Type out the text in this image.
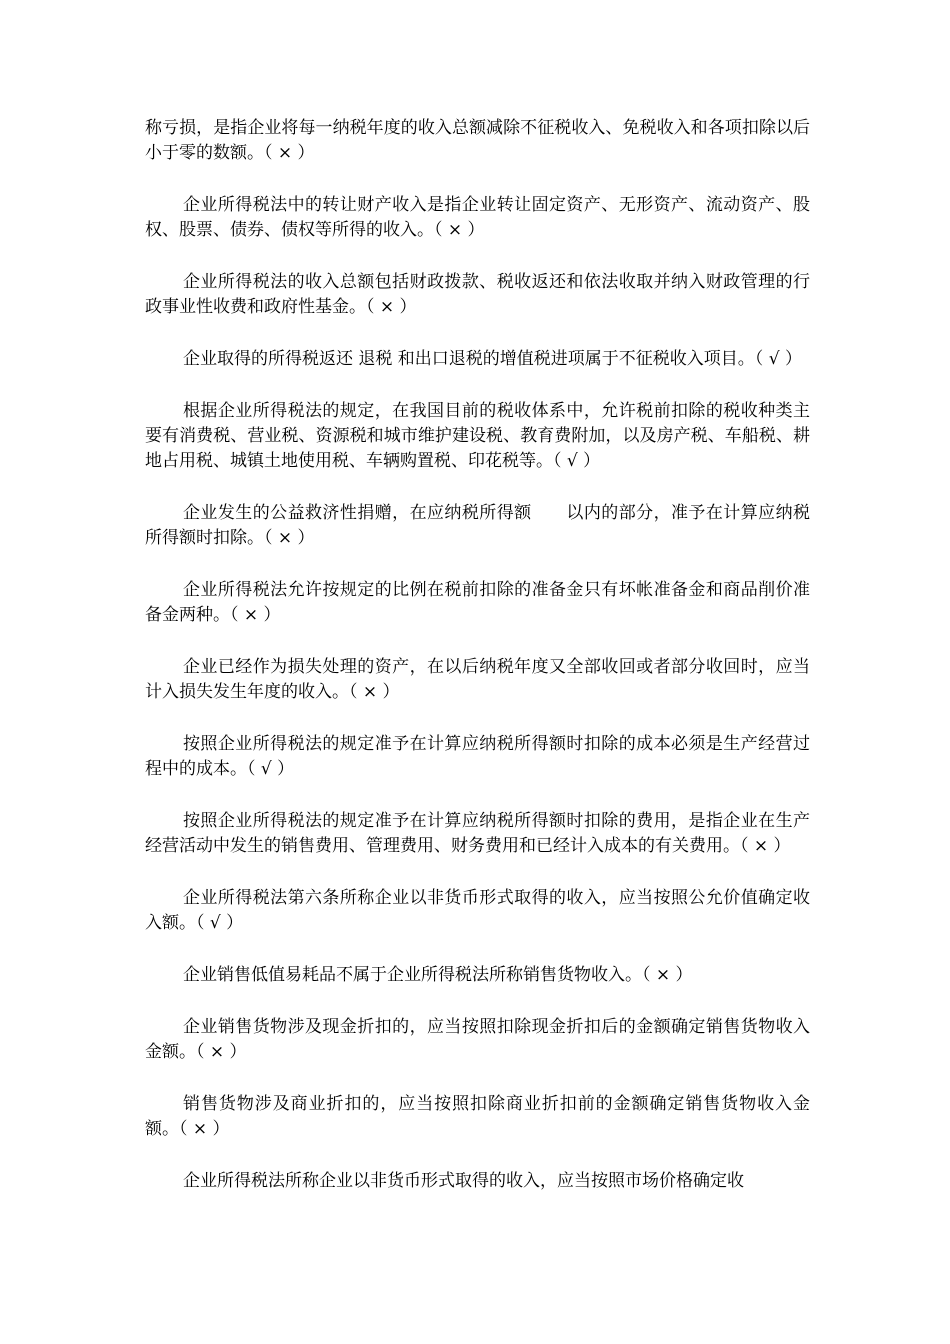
称亏损，是指企业将每一纳税年度的收入总额减除不征税收入、免税收入和各项扣除以后小于零的数额。（ × ）

企业所得税法中的转让财产收入是指企业转让固定资产、无形资产、流动资产、股权、股票、债券、债权等所得的收入。（ × ）

企业所得税法的收入总额包括财政拨款、税收返还和依法收取并纳入财政管理的行政事业性收费和政府性基金。（ × ）

企业取得的所得税返还 退税 和出口退税的增值税进项属于不征税收入项目。（ √ ）

根据企业所得税法的规定，在我国目前的税收体系中，允许税前扣除的税收种类主要有消费税、营业税、资源税和城市维护建设税、教育费附加，以及房产税、车船税、耕地占用税、城镇土地使用税、车辆购置税、印花税等。（ √ ）

企业发生的公益救济性捐赠，在应纳税所得额　　以内的部分，准予在计算应纳税所得额时扣除。（ × ）

企业所得税法允许按规定的比例在税前扣除的准备金只有坏帐准备金和商品削价准备金两种。（ × ）

企业已经作为损失处理的资产，在以后纳税年度又全部收回或者部分收回时，应当计入损失发生年度的收入。（ × ）

按照企业所得税法的规定准予在计算应纳税所得额时扣除的成本必须是生产经营过程中的成本。（ √ ）

按照企业所得税法的规定准予在计算应纳税所得额时扣除的费用，是指企业在生产经营活动中发生的销售费用、管理费用、财务费用和已经计入成本的有关费用。（ × ）

企业所得税法第六条所称企业以非货币形式取得的收入，应当按照公允价值确定收入额。（ √ ）

企业销售低值易耗品不属于企业所得税法所称销售货物收入。（ × ）

企业销售货物涉及现金折扣的，应当按照扣除现金折扣后的金额确定销售货物收入金额。（ × ）

销售货物涉及商业折扣的，应当按照扣除商业折扣前的金额确定销售货物收入金额。（ × ）

企业所得税法所称企业以非货币形式取得的收入，应当按照市场价格确定收
